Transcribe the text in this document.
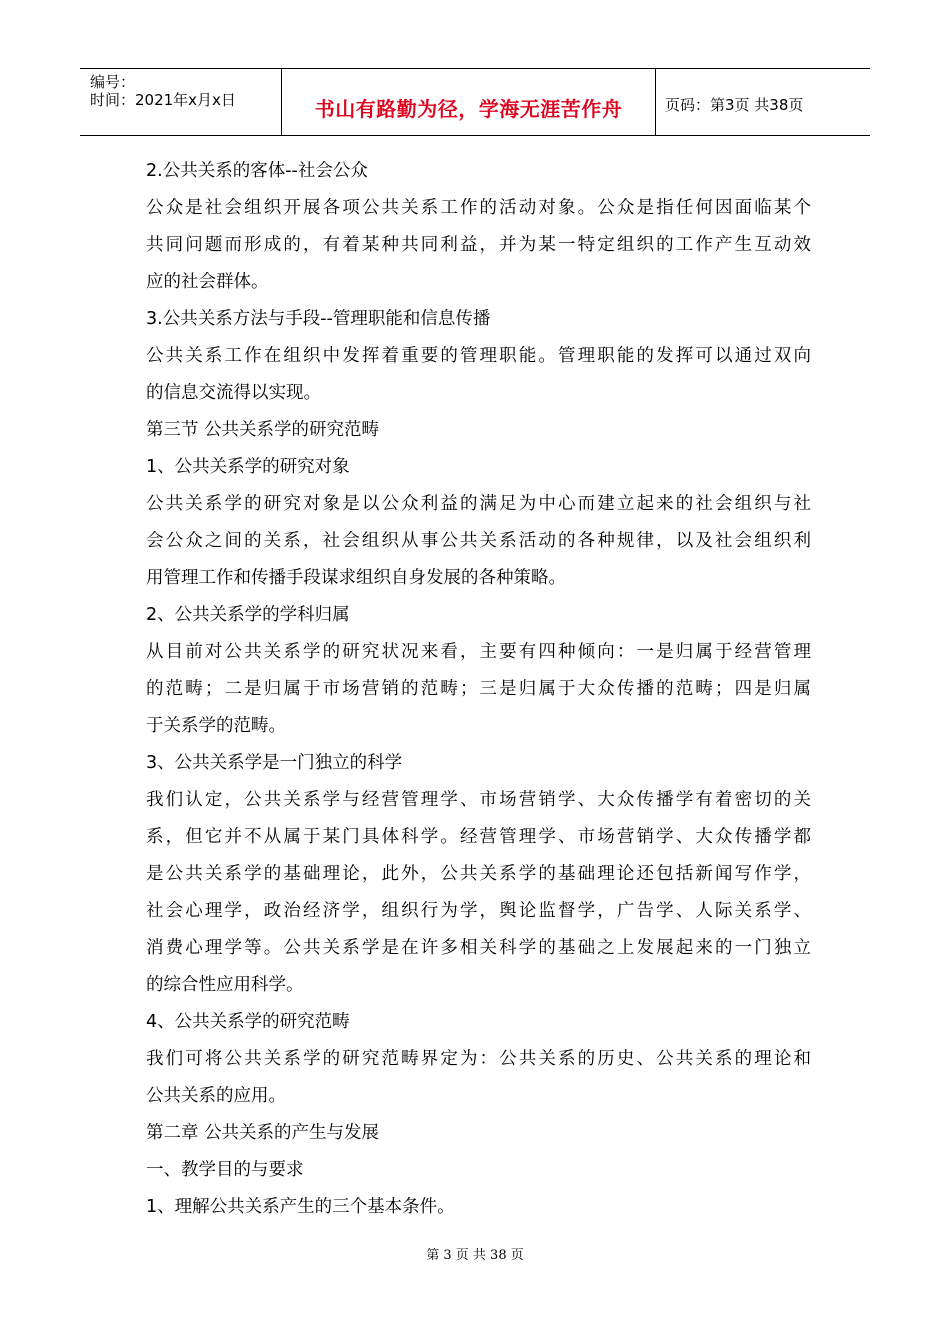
编号：
时间：2021年x月x日	书山有路勤为径，学海无涯苦作舟	页码：第3页 共38页
2.公共关系的客体--社会公众
公众是社会组织开展各项公共关系工作的活动对象。公众是指任何因面临某个
共同问题而形成的，有着某种共同利益，并为某一特定组织的工作产生互动效
应的社会群体。
3.公共关系方法与手段--管理职能和信息传播
公共关系工作在组织中发挥着重要的管理职能。管理职能的发挥可以通过双向
的信息交流得以实现。
第三节 公共关系学的研究范畴
1、公共关系学的研究对象
公共关系学的研究对象是以公众利益的满足为中心而建立起来的社会组织与社
会公众之间的关系，社会组织从事公共关系活动的各种规律，以及社会组织利
用管理工作和传播手段谋求组织自身发展的各种策略。
2、公共关系学的学科归属
从目前对公共关系学的研究状况来看，主要有四种倾向：一是归属于经营管理
的范畴；二是归属于市场营销的范畴；三是归属于大众传播的范畴；四是归属
于关系学的范畴。
3、公共关系学是一门独立的科学
我们认定，公共关系学与经营管理学、市场营销学、大众传播学有着密切的关
系，但它并不从属于某门具体科学。经营管理学、市场营销学、大众传播学都
是公共关系学的基础理论，此外，公共关系学的基础理论还包括新闻写作学，
社会心理学，政治经济学，组织行为学，舆论监督学，广告学、人际关系学、
消费心理学等。公共关系学是在许多相关科学的基础之上发展起来的一门独立
的综合性应用科学。
4、公共关系学的研究范畴
我们可将公共关系学的研究范畴界定为：公共关系的历史、公共关系的理论和
公共关系的应用。
第二章 公共关系的产生与发展
一、教学目的与要求
1、理解公共关系产生的三个基本条件。
第 3 页 共 38 页
